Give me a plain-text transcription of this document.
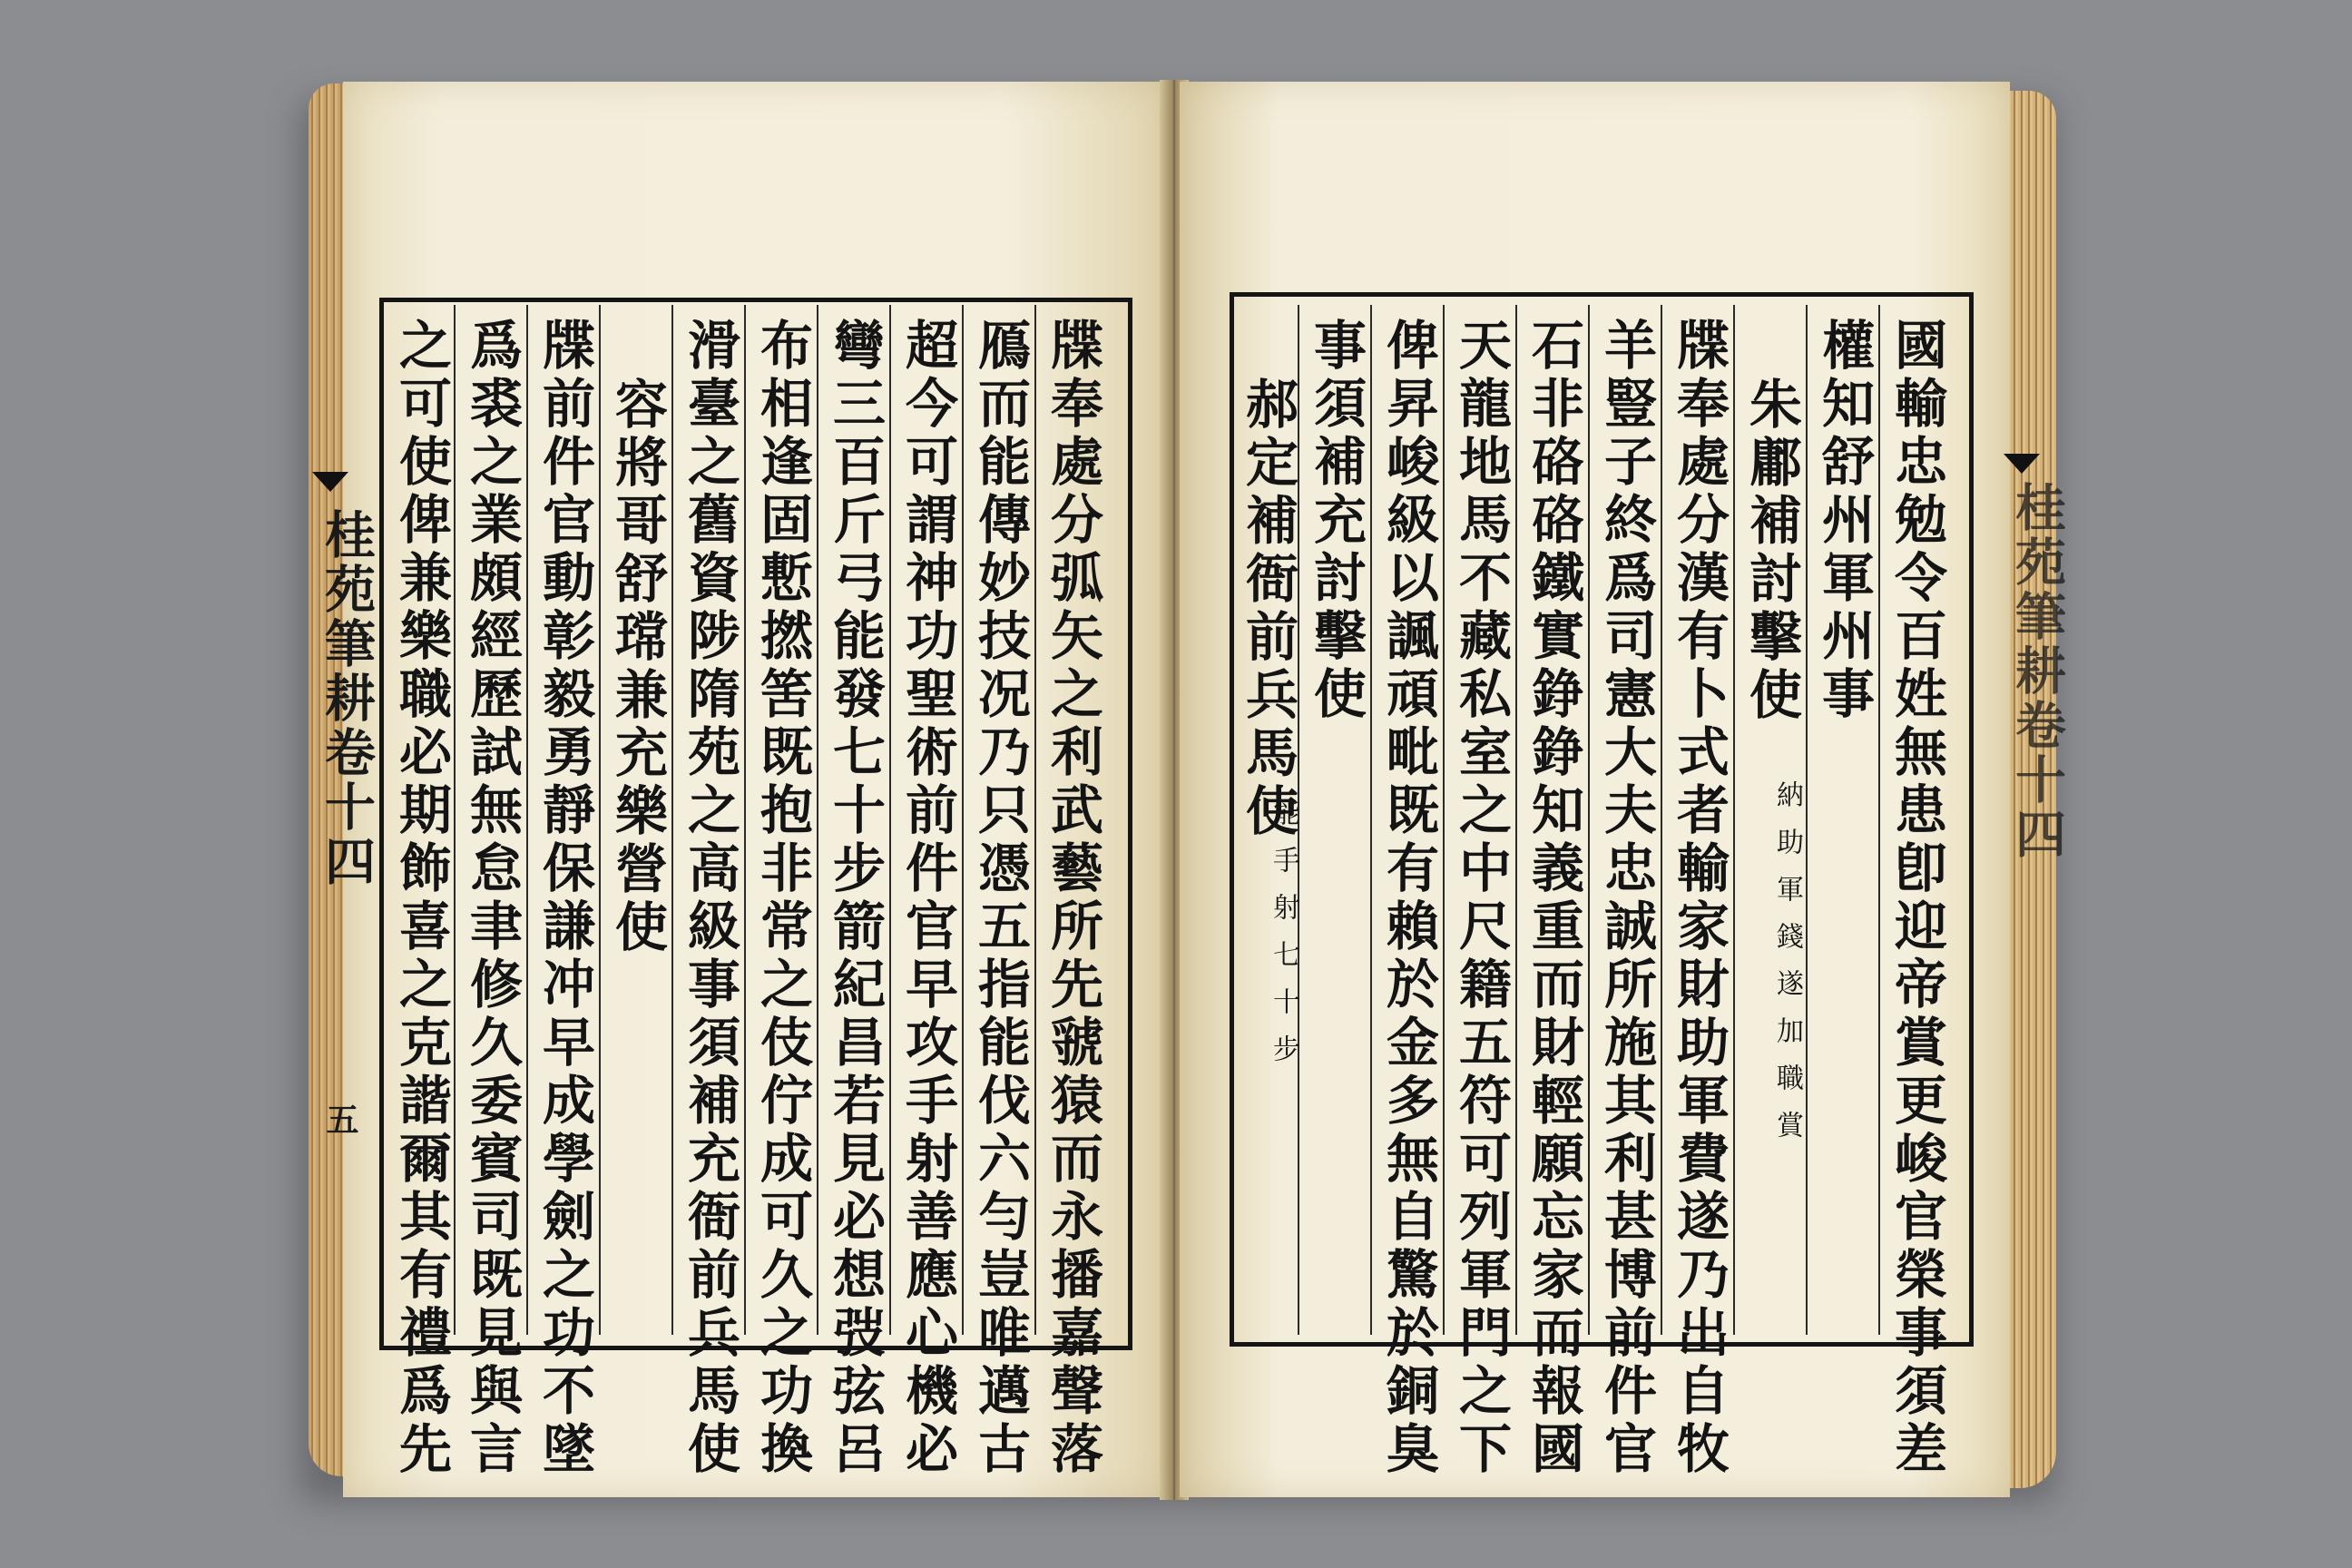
桂苑筆耕卷十四
五	牒奉處分弧矢之利武藝所先虢猿而永播嘉聲落
鴈而能傳妙技况乃只憑五指能伐六勻豈唯邁古
超今可謂神功聖術前件官早攻手射善應心機必
彎三百斤弓能發七十步箭紀昌若見必想弢弦呂
布相逢固慙撚筈既抱非常之伎佇成可久之功換
滑臺之舊資陟隋苑之高級事須補充衙前兵馬使
容將哥舒瑺兼充樂營使
牒前件官動彰毅勇靜保謙冲早成學劍之功不墜
爲裘之業頗經歷試無怠聿修久委賓司既見與言
之可使俾兼樂職必期飾喜之克諧爾其有禮爲先	桂苑筆耕卷十四
國輸忠勉令百姓無患卽迎帝賞更峻官榮事須差
權知舒州軍州事
朱鄘補討擊使
納助軍錢遂加職賞
牒奉處分漢有卜式者輸家財助軍費遂乃出自牧
羊豎子終爲司憲大夫忠誠所施其利甚博前件官
石非硌硌鐵實錚錚知義重而財輕願忘家而報國
天龍地馬不藏私室之中尺籍五符可列軍門之下
俾昇峻級以諷頑毗既有賴於金多無自驚於銅臭
事須補充討擊使
郝定補衙前兵馬使
能手射七十步
